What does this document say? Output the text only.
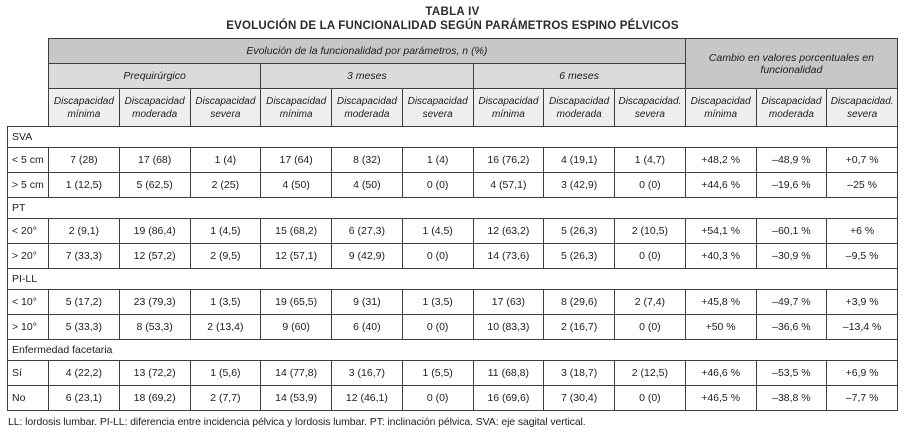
TABLA IV
EVOLUCIÓN DE LA FUNCIONALIDAD SEGÚN PARÁMETROS ESPINO PÉLVICOS
	Evolución de la funcionalidad por parámetros, n (%)									Cambio en valores porcentuales en funcionalidad		
	Prequirúrgico			3 meses			6 meses					
	Discapacidad mínima	Discapacidad moderada	Discapacidad severa	Discapacidad mínima	Discapacidad moderada	Discapacidad severa	Discapacidad mínima	Discapacidad moderada	Discapacidad. severa	Discapacidad mínima	Discapacidad moderada	Discapacidad. severa
SVA												
< 5 cm	7 (28)	17 (68)	1 (4)	17 (64)	8 (32)	1 (4)	16 (76,2)	4 (19,1)	1 (4,7)	+48,2 %	–48,9 %	+0,7 %
> 5 cm	1 (12,5)	5 (62,5)	2 (25)	4 (50)	4 (50)	0 (0)	4 (57,1)	3 (42,9)	0 (0)	+44,6 %	–19,6 %	–25 %
PT												
< 20°	2 (9,1)	19 (86,4)	1 (4,5)	15 (68,2)	6 (27,3)	1 (4,5)	12 (63,2)	5 (26,3)	2 (10,5)	+54,1 %	–60,1 %	+6 %
> 20°	7 (33,3)	12 (57,2)	2 (9,5)	12 (57,1)	9 (42,9)	0 (0)	14 (73,6)	5 (26,3)	0 (0)	+40,3 %	–30,9 %	–9,5 %
PI-LL												
< 10°	5 (17,2)	23 (79,3)	1 (3,5)	19 (65,5)	9 (31)	1 (3,5)	17 (63)	8 (29,6)	2 (7,4)	+45,8 %	–49,7 %	+3,9 %
> 10°	5 (33,3)	8 (53,3)	2 (13,4)	9 (60)	6 (40)	0 (0)	10 (83,3)	2 (16,7)	0 (0)	+50 %	–36,6 %	–13,4 %
Enfermedad facetaria												
Sí	4 (22,2)	13 (72,2)	1 (5,6)	14 (77,8)	3 (16,7)	1 (5,5)	11 (68,8)	3 (18,7)	2 (12,5)	+46,6 %	–53,5 %	+6,9 %
No	6 (23,1)	18 (69,2)	2 (7,7)	14 (53,9)	12 (46,1)	0 (0)	16 (69,6)	7 (30,4)	0 (0)	+46,5 %	–38,8 %	–7,7 %
LL: lordosis lumbar. PI-LL: diferencia entre incidencia pélvica y lordosis lumbar. PT: inclinación pélvica. SVA: eje sagital vertical.
